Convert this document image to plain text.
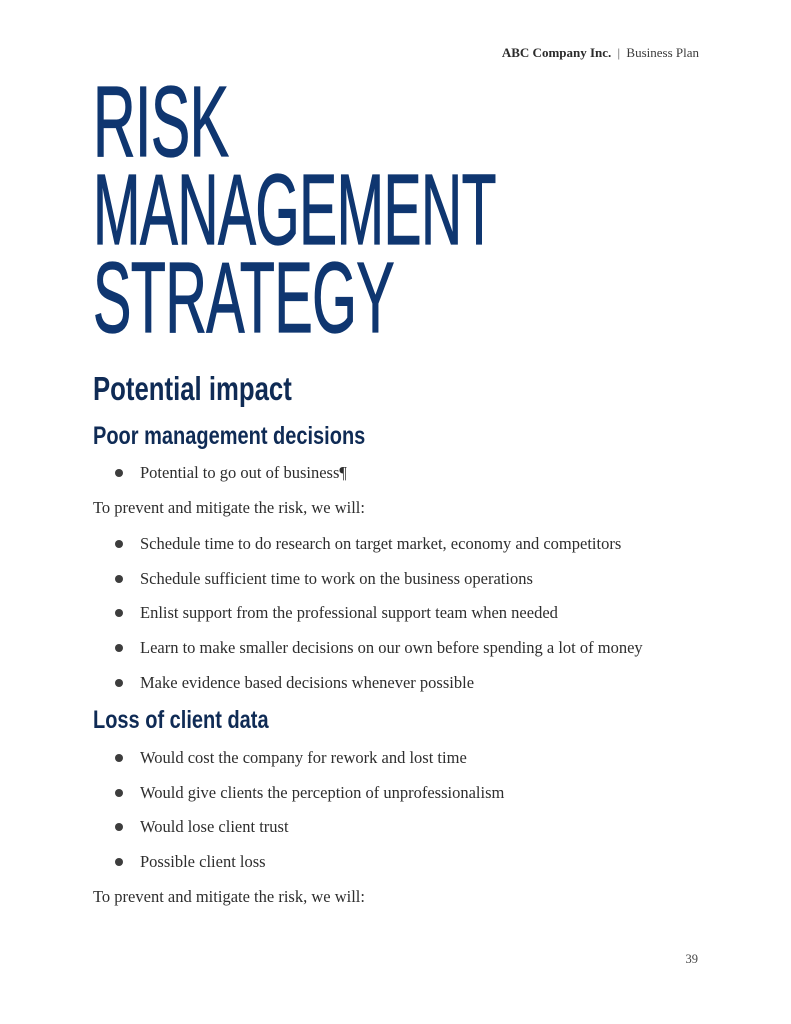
ABC Company Inc. | Business Plan
RISK
MANAGEMENT
STRATEGY
Potential impact
Poor management decisions
Potential to go out of business¶

To prevent and mitigate the risk, we will:

Schedule time to do research on target market, economy and competitors
Schedule sufficient time to work on the business operations
Enlist support from the professional support team when needed
Learn to make smaller decisions on our own before spending a lot of money
Make evidence based decisions whenever possible
Loss of client data
Would cost the company for rework and lost time
Would give clients the perception of unprofessionalism
Would lose client trust
Possible client loss

To prevent and mitigate the risk, we will:

39
